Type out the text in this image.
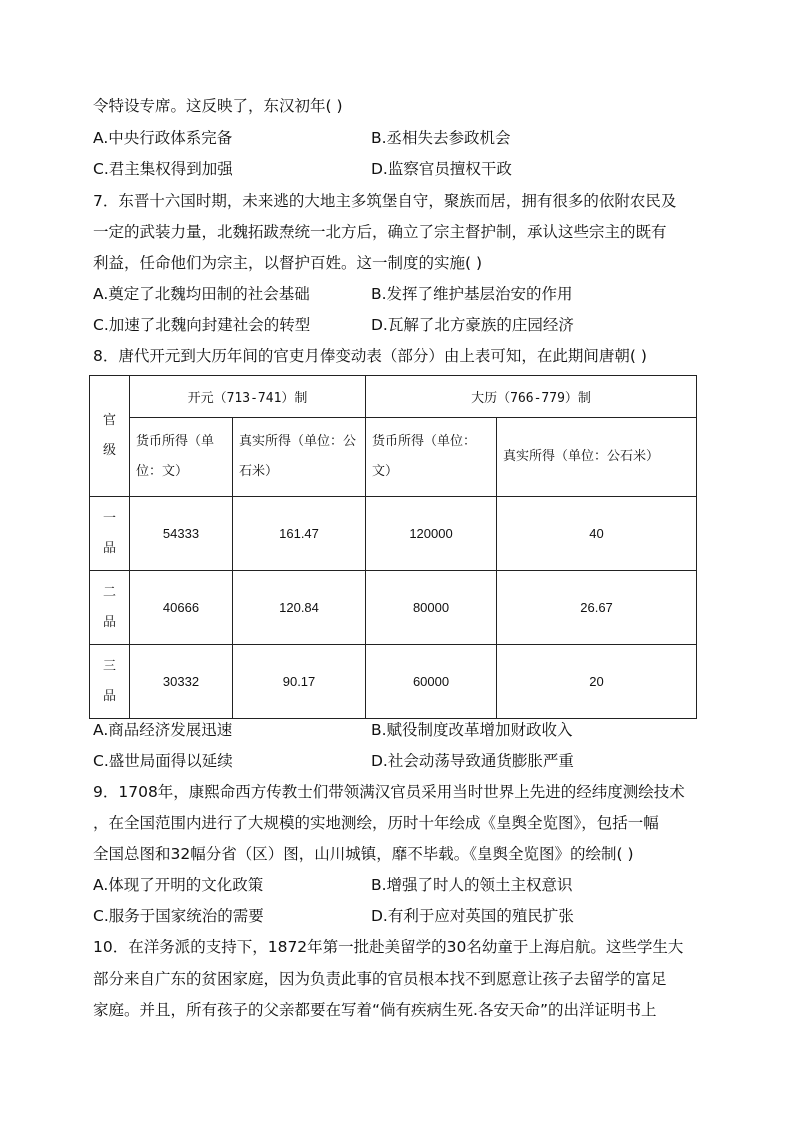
令特设专席。这反映了，东汉初年( )
A.中央行政体系完备	B.丞相失去参政机会
C.君主集权得到加强	D.监察官员擅权干政
7．东晋十六国时期，未来逃的大地主多筑堡自守，聚族而居，拥有很多的依附农民及
一定的武装力量，北魏拓跋焘统一北方后，确立了宗主督护制，承认这些宗主的既有
利益，任命他们为宗主，以督护百姓。这一制度的实施( )
A.奠定了北魏均田制的社会基础	B.发挥了维护基层治安的作用
C.加速了北魏向封建社会的转型	D.瓦解了北方豪族的庄园经济
8．唐代开元到大历年间的官吏月俸变动表（部分）由上表可知，在此期间唐朝( )
官
级	开元（713-741）制		大历（766-779）制	
	货币所得（单位：文）	真实所得（单位：公石米）	货币所得（单位：文）	真实所得（单位：公石米）

一
品	54333	161.47	120000	40

二
品	40666	120.84	80000	26.67

三
品	30332	90.17	60000	20
A.商品经济发展迅速	B.赋役制度改革增加财政收入
C.盛世局面得以延续	D.社会动荡导致通货膨胀严重
9．1708年，康熙命西方传教士们带领满汉官员采用当时世界上先进的经纬度测绘技术
，在全国范围内进行了大规模的实地测绘，历时十年绘成《皇舆全览图》，包括一幅
全国总图和32幅分省（区）图，山川城镇，靡不毕载。《皇舆全览图》的绘制( )
A.体现了开明的文化政策	B.增强了时人的领土主权意识
C.服务于国家统治的需要	D.有利于应对英国的殖民扩张
10．在洋务派的支持下，1872年第一批赴美留学的30名幼童于上海启航。这些学生大
部分来自广东的贫困家庭，因为负责此事的官员根本找不到愿意让孩子去留学的富足
家庭。并且，所有孩子的父亲都要在写着“倘有疾病生死.各安天命”的出洋证明书上
